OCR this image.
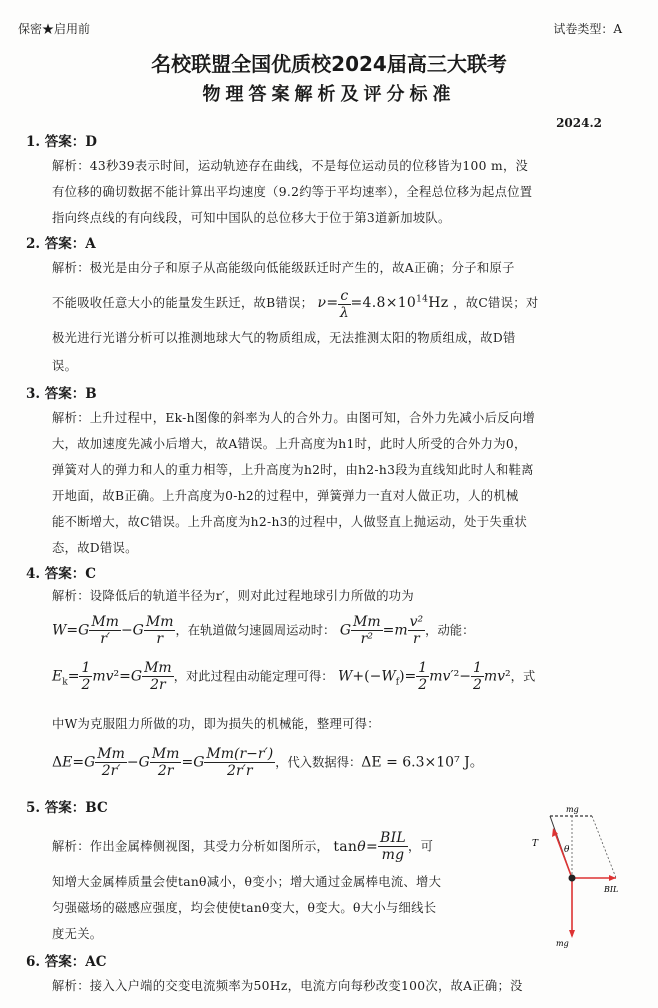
保密★启用前	试卷类型：A
名校联盟全国优质校2024届高三大联考
物理答案解析及评分标准
2024.2
1. 答案：D
解析：43秒39表示时间，运动轨迹存在曲线，不是每位运动员的位移皆为100 m，没
有位移的确切数据不能计算出平均速度（9.2约等于平均速率），全程总位移为起点位置
指向终点线的有向线段，可知中国队的总位移大于位于第3道新加坡队。
2. 答案：A
解析：极光是由分子和原子从高能级向低能级跃迁时产生的，故A正确；分子和原子
不能吸收任意大小的能量发生跃迁，故B错误； $\nu= \frac{c}{\lambda} =4.8\times 10^{14}Hz$ ，故C错误；对
极光进行光谱分析可以推测地球大气的物质组成，无法推测太阳的物质组成，故D错
误。
3. 答案：B
解析：上升过程中，Ek-h图像的斜率为人的合外力。由图可知，合外力先减小后反向增
大，故加速度先减小后增大，故A错误。上升高度为h1时，此时人所受的合外力为0，
弹簧对人的弹力和人的重力相等，上升高度为h2时，由h2-h3段为直线知此时人和鞋离
开地面，故B正确。上升高度为0-h2的过程中，弹簧弹力一直对人做正功，人的机械
能不断增大，故C错误。上升高度为h2-h3的过程中，人做竖直上抛运动，处于失重状
态，故D错误。
4. 答案：C
解析：设降低后的轨道半径为r′，则对此过程地球引力所做的功为
$W=G \frac{Mm}{r'} -G \frac{Mm}{r}$ ，在轨道做匀速圆周运动时： G $\frac{Mm}{\text{r²}} =m \frac{\text{v²}}{r}$ ，动能：
$E_k= \frac{1}{2} mv^2=G \frac{Mm}{2r}$ ，对此过程由动能定理可得： $W+(-W_f)= \frac{1}{2} mv'^2- \frac{1}{2} mv^2$，式
中W为克服阻力所做的功，即为损失的机械能，整理可得：
$\Delta E=G \frac{Mm}{2r'} -G \frac{Mm}{2r} =G \frac{Mm(r-r')}{2r'r}$ ，代入数据得：ΔE = 6.3×10⁷ J。
5. 答案：BC
解析：作出金属棒侧视图，其受力分析如图所示， $\tan\theta= \frac{\text{BIL}}{mg}$ ，可
知增大金属棒质量会使tanθ减小，θ变小；增大通过金属棒电流、增大
匀强磁场的磁感应强度，均会使使tanθ变大，θ变大。θ大小与细线长
度无关。
mg
T
θ
BIL
mg
6. 答案：AC
解析：接入入户端的交变电流频率为50Hz，电流方向每秒改变100次，故A正确；没
